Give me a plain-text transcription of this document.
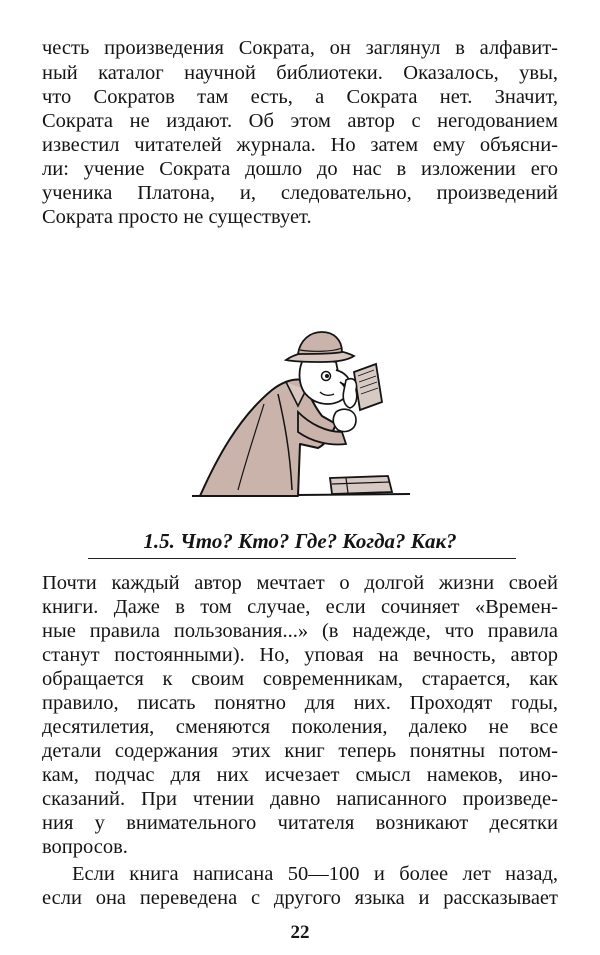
честь произведения Сократа, он заглянул в алфавит-
ный каталог научной библиотеки. Оказалось, увы,
что Сократов там есть, а Сократа нет. Значит,
Сократа не издают. Об этом автор с негодованием
известил читателей журнала. Но затем ему объясни-
ли: учение Сократа дошло до нас в изложении его
ученика Платона, и, следовательно, произведений
Сократа просто не существует.
1.5. Что? Кто? Где? Когда? Как?
Почти каждый автор мечтает о долгой жизни своей
книги. Даже в том случае, если сочиняет «Времен-
ные правила пользования...» (в надежде, что правила
станут постоянными). Но, уповая на вечность, автор
обращается к своим современникам, старается, как
правило, писать понятно для них. Проходят годы,
десятилетия, сменяются поколения, далеко не все
детали содержания этих книг теперь понятны потом-
кам, подчас для них исчезает смысл намеков, ино-
сказаний. При чтении давно написанного произведе-
ния у внимательного читателя возникают десятки
вопросов.
Если книга написана 50—100 и более лет назад,
если она переведена с другого языка и рассказывает
22
